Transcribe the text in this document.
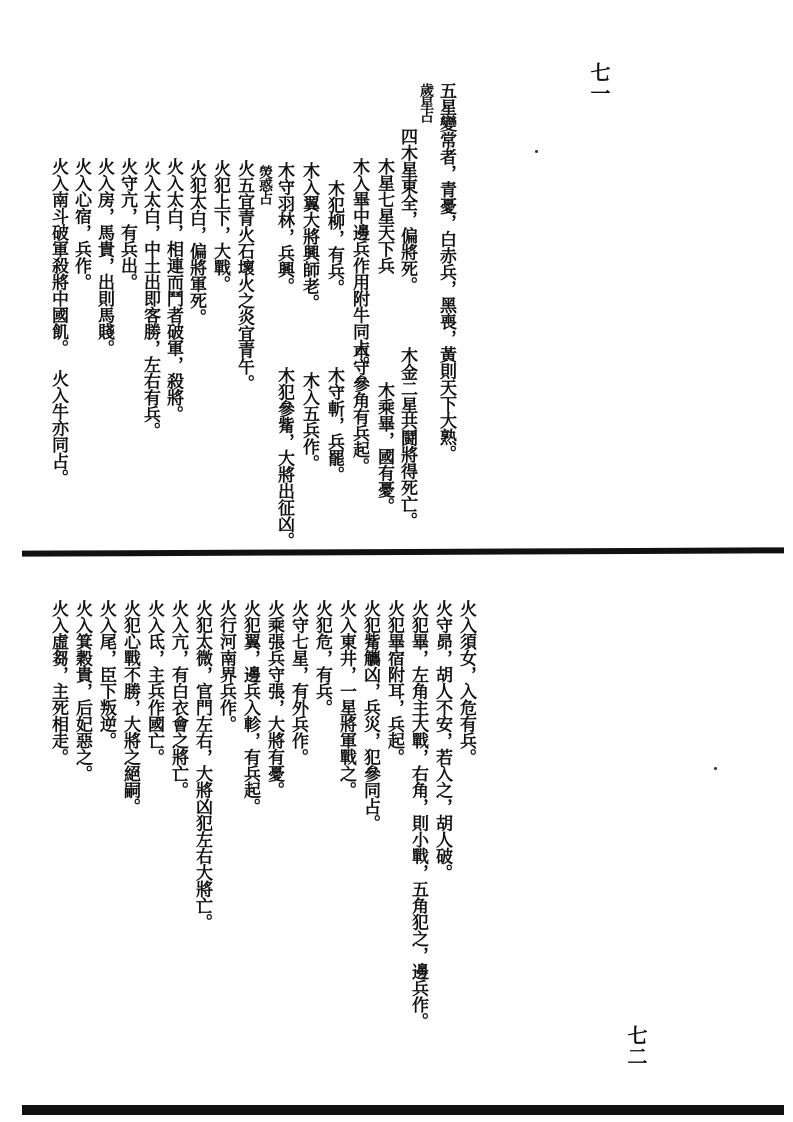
七一
五星變常者，青憂，白赤兵，黑喪，黃則天下大熟。
歲星占
四木星東全，偏將死。
木金二星共鬪將得死亡。
木星七星天下兵
木乘畢，國有憂。
木入畢中邊兵作用附牛同占。
木守參角有兵起。
木犯柳，有兵。
木守斬，兵罷。
木入翼大將興師老。
木入五兵作。
木守羽林，兵興。
木犯參觜，大將出征凶。
熒惑占
火五宜青火石壞火之炎宜青午。
火犯上下，大戰。
火犯太白，偏將軍死。
火入太白，相連而鬥者破軍，殺將。
火入太白，中土出即客勝，左右有兵。
火守亢，有兵出。
火入房，馬貴，出則馬賤。
火入心宿，兵作。
火入南斗破軍殺將中國飢。
火入牛亦同占。
七二
火入須女，入危有兵。
火守昴，胡人不安，若入之，胡人破。
火犯畢，左角主大戰，右角，則小戰，五角犯之，邊兵作。
火犯畢宿附耳，兵起。
火犯觜觿凶，兵災，犯參同占。
火入東井，一星將軍戰之。
火犯危，有兵。
火守七星，有外兵作。
火乘張兵守張，大將有憂。
火犯翼，邊兵入軫，有兵起。
火行河南界兵作。
火犯太微，官門左右，大將凶犯左右大將亡。
火入亢，有白衣會之將亡。
火入氐，主兵作國亡。
火犯心戰不勝，大將之絕嗣。
火入尾，臣下叛逆。
火入箕穀貴，后妃惡之。
火入虛芻，主死相走。
